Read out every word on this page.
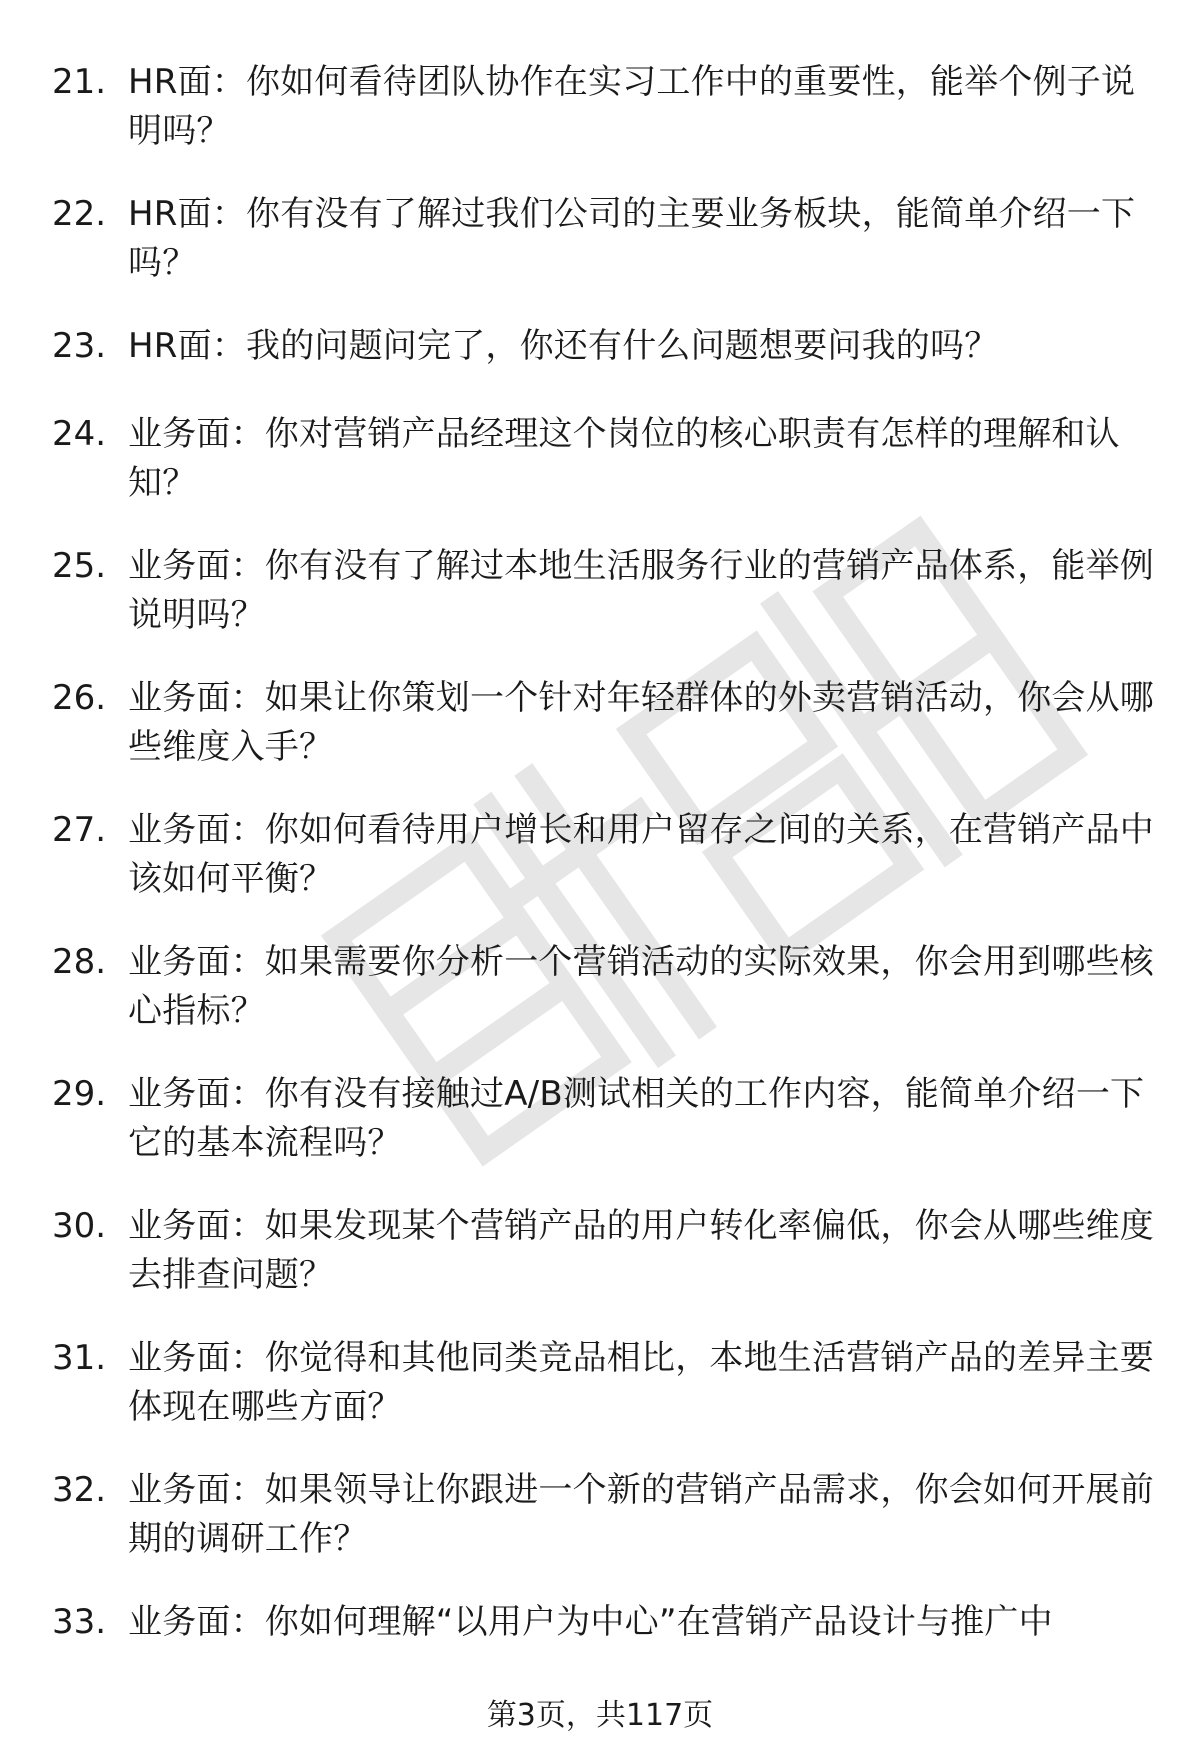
21. HR面：你如何看待团队协作在实习工作中的重要性，能举个例子说明吗？
22. HR面：你有没有了解过我们公司的主要业务板块，能简单介绍一下吗？
23. HR面：我的问题问完了，你还有什么问题想要问我的吗？
24. 业务面：你对营销产品经理这个岗位的核心职责有怎样的理解和认知？
25. 业务面：你有没有了解过本地生活服务行业的营销产品体系，能举例说明吗？
26. 业务面：如果让你策划一个针对年轻群体的外卖营销活动，你会从哪些维度入手？
27. 业务面：你如何看待用户增长和用户留存之间的关系，在营销产品中该如何平衡？
28. 业务面：如果需要你分析一个营销活动的实际效果，你会用到哪些核心指标？
29. 业务面：你有没有接触过A/B测试相关的工作内容，能简单介绍一下它的基本流程吗？
30. 业务面：如果发现某个营销产品的用户转化率偏低，你会从哪些维度去排查问题？
31. 业务面：你觉得和其他同类竞品相比，本地生活营销产品的差异主要体现在哪些方面？
32. 业务面：如果领导让你跟进一个新的营销产品需求，你会如何开展前期的调研工作？
33. 业务面：你如何理解“以用户为中心”在营销产品设计与推广中
第3页，共117页
